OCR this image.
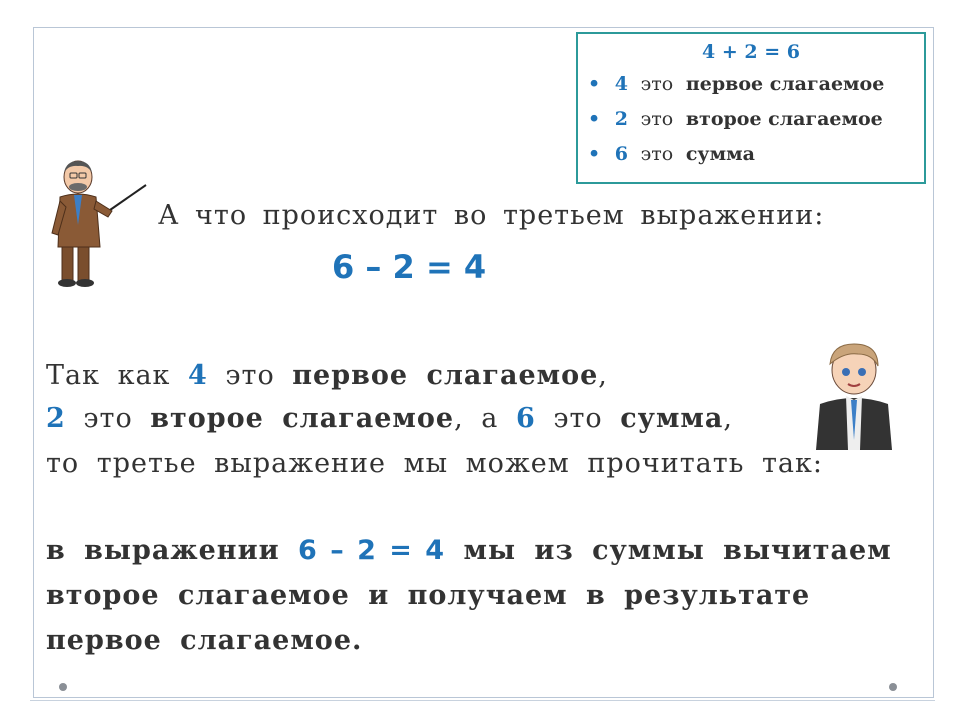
4 + 2 = 6
• 4 это первое слагаемое
• 2 это второе слагаемое
• 6 это сумма
А что происходит во третьем выражении:
6 – 2 = 4
Так как 4 это первое слагаемое,
2 это второе слагаемое, а 6 это сумма,
то третье выражение мы можем прочитать так:
в выражении 6 – 2 = 4 мы из суммы вычитаем
второе слагаемое и получаем в результате
первое слагаемое.
